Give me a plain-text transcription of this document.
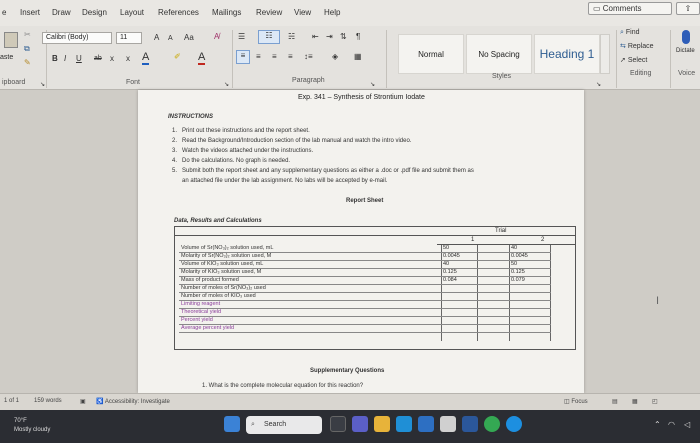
e Insert Draw Design Layout References Mailings Review View Help	▭ Comments	⇧
aste
✂
⧉
✎
ipboard ↘
Calibri (Body)	11	A A Aa	A̸
B I U ab x x A	✐ A
Font	↘
☰	☷	☵ ⇤ ⇥ ⇅ ¶
≡	≡ ≡ ≡ ↕≡ ◈ ▦
Paragraph
↘
Normal	No Spacing	Heading 1
Styles
↘
⌕ Find
⇆ Replace
➚ Select
Editing
Dictate
Voice
Exp. 341 – Synthesis of Strontium Iodate
INSTRUCTIONS
1. Print out these instructions and the report sheet.
2. Read the Background/Introduction section of the lab manual and watch the intro video.
3. Watch the videos attached under the instructions.
4. Do the calculations. No graph is needed.
5. Submit both the report sheet and any supplementary questions as either a .doc or .pdf file and submit them as
an attached file under the lab assignment. No labs will be accepted by e-mail.
Report Sheet
Data, Results and Calculations
Trial
1	2
Volume of Sr(NO₃)₂ solution used, mL	50	40
Molarity of Sr(NO₃)₂ solution used, M	0.0045	0.0045
Volume of KIO₃ solution used, mL	40	50
Molarity of KIO₃ solution used, M	0.125	0.125
Mass of product formed	0.084	0.079
Number of moles of Sr(NO₃)₂ used
Number of moles of KIO₃ used
Limiting reagent
Theoretical yield
Percent yield
Average percent yield
Supplementary Questions
1. What is the complete molecular equation for this reaction?
I
1 of 1 159 words	▣ ♿ Accessibility: Investigate	◫ Focus	▤ ▦ ◰
70°F
Mostly cloudy
⌕ Search	⌃ ◠ ◁
